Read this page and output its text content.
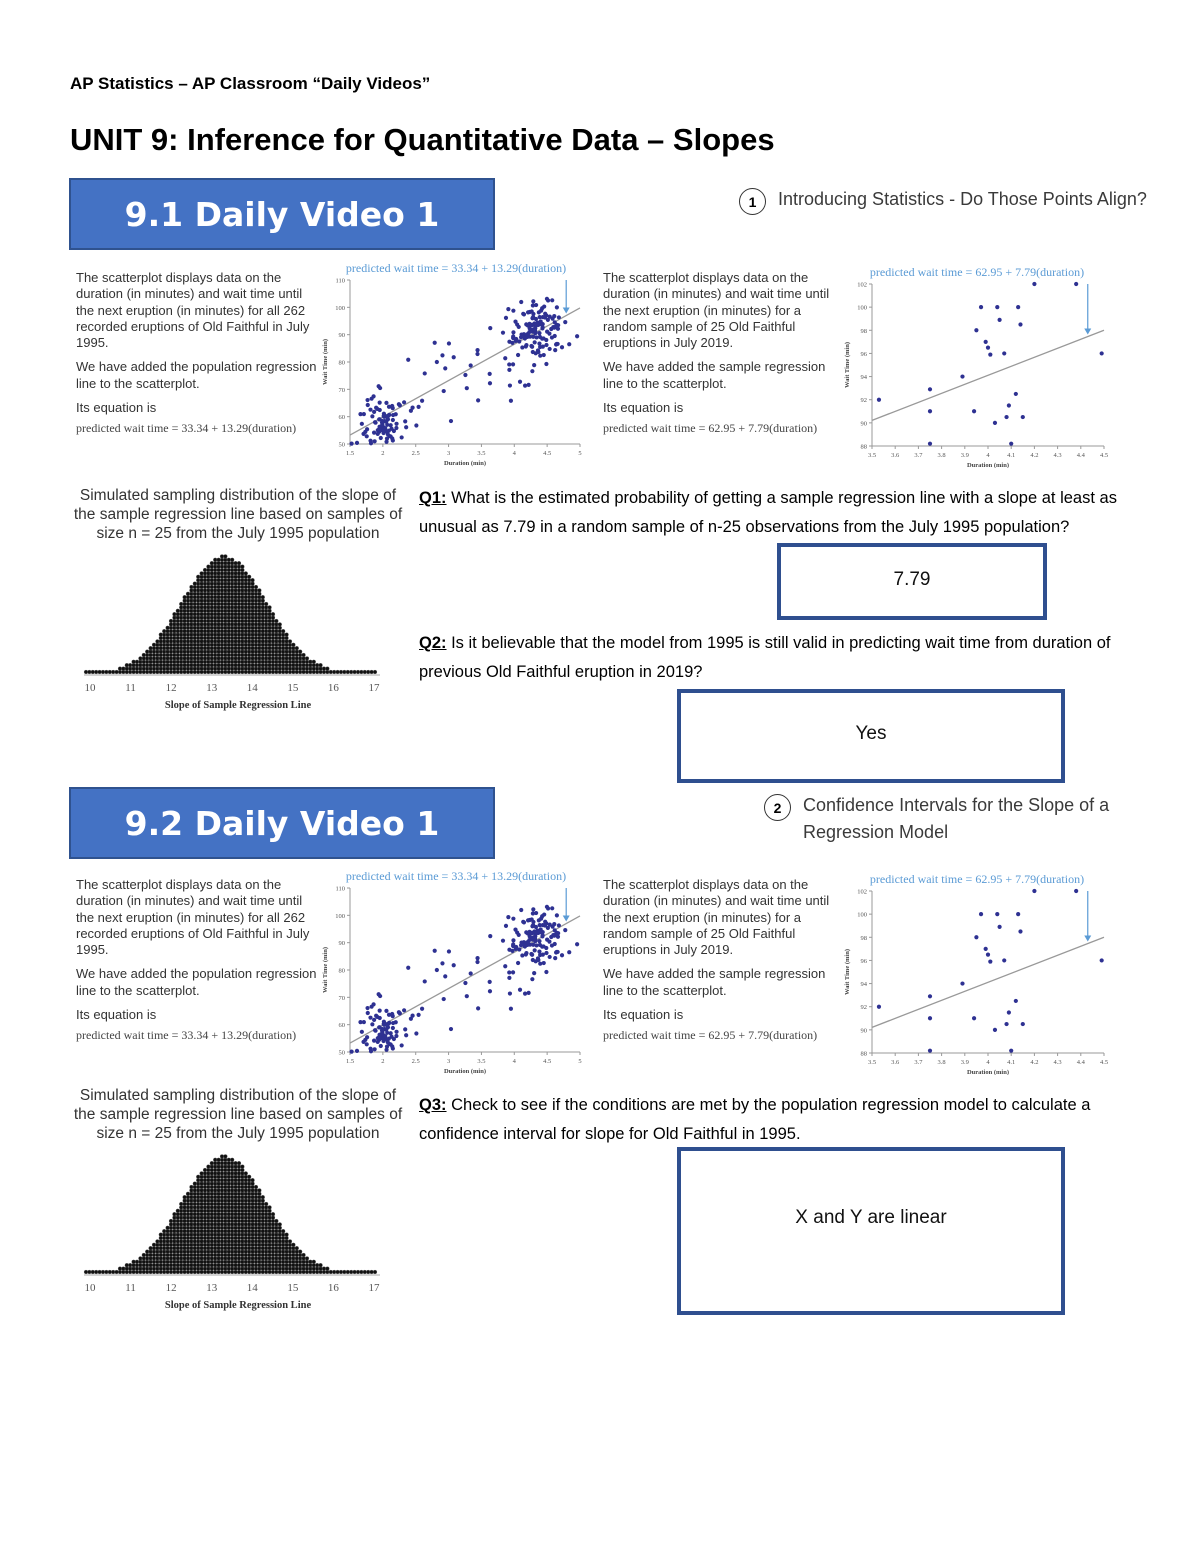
AP Statistics – AP Classroom “Daily Videos”
UNIT 9: Inference for Quantitative Data – Slopes
9.1 Daily Video 1	1	Introducing Statistics - Do Those Points Align?

The scatterplot displays data on the duration (in minutes) and wait time until the next eruption (in minutes) for all 262 recorded eruptions of Old Faithful in July 1995.

We have added the population regression line to the scatterplot.

Its equation is

predicted wait time = 33.34 + 13.29(duration)
predicted wait time = 33.34 + 13.29(duration)
50
60
70
80
90
100
110
1.5	2	2.5	3	3.5	4	4.5	5
Duration (min)
Wait Time (min)

The scatterplot displays data on the duration (in minutes) and wait time until the next eruption (in minutes) for a random sample of 25 Old Faithful eruptions in July 2019.

We have added the sample regression line to the scatterplot.

Its equation is

predicted wait time = 62.95 + 7.79(duration)
predicted wait time = 62.95 + 7.79(duration)
88
90
92
94
96
98
100
102
3.5 3.6 3.7 3.8 3.9	4	4.1 4.2 4.3 4.4 4.5
Duration (min)
Wait Time (min)
Simulated sampling distribution of the slope of the sample regression line based on samples of size n = 25 from the July 1995 population
10	11	12	13	14	15	16	17
Slope of Sample Regression Line
Q1: What is the estimated probability of getting a sample regression line with a slope at least as unusual as 7.79 in a random sample of n-25 observations from the July 1995 population?
7.79
Q2: Is it believable that the model from 1995 is still valid in predicting wait time from duration of previous Old Faithful eruption in 2019?
Yes
9.2 Daily Video 1	2	Confidence Intervals for the Slope of a Regression Model

The scatterplot displays data on the duration (in minutes) and wait time until the next eruption (in minutes) for all 262 recorded eruptions of Old Faithful in July 1995.

We have added the population regression line to the scatterplot.

Its equation is

predicted wait time = 33.34 + 13.29(duration)
predicted wait time = 33.34 + 13.29(duration)
50
60
70
80
90
100
110
1.5	2	2.5	3	3.5	4	4.5	5
Duration (min)
Wait Time (min)

The scatterplot displays data on the duration (in minutes) and wait time until the next eruption (in minutes) for a random sample of 25 Old Faithful eruptions in July 2019.

We have added the sample regression line to the scatterplot.

Its equation is

predicted wait time = 62.95 + 7.79(duration)
predicted wait time = 62.95 + 7.79(duration)
88
90
92
94
96
98
100
102
3.5 3.6 3.7 3.8 3.9	4	4.1 4.2 4.3 4.4 4.5
Duration (min)
Wait Time (min)
Simulated sampling distribution of the slope of the sample regression line based on samples of size n = 25 from the July 1995 population
10	11	12	13	14	15	16	17
Slope of Sample Regression Line
Q3: Check to see if the conditions are met by the population regression model to calculate a confidence interval for slope for Old Faithful in 1995.
X and Y are linear
